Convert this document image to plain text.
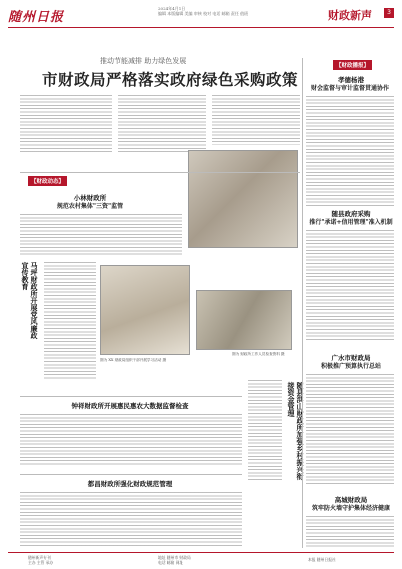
随州日报
2024年4月1日
编辑 本版编辑 美编 审核 校对 电话 邮箱 责任 值班	财政新声	3
推动节能减排 助力绿色发展
市财政局严格落实政府绿色采购政策
【财政播报】
孝德杨港
财会监督与审计监督贯通协作
【财政动态】
小林财政所
规范农村集体"三资"监管
随县政府采购
推行"承诺+信用管理"准入机制
马坪财政所开展党风廉政宣传教育
图为 XX 财政局组织干部开展学习活动 摄
图为 财政所工作人员检查资料 摄
随县洪山财政所加强乡村振兴衔接资金管理
广水市财政局
积极推广预算执行总站
钟祥财政所开展惠民惠农大数据监督检查
高城财政局
筑牢防火墙守护集体经济健康
都昌财政所强化财政规范管理
随州新声专刊
主办 主管 承办
地址 随州市 财政局
电话 邮箱 网址
本报 随州日报社
